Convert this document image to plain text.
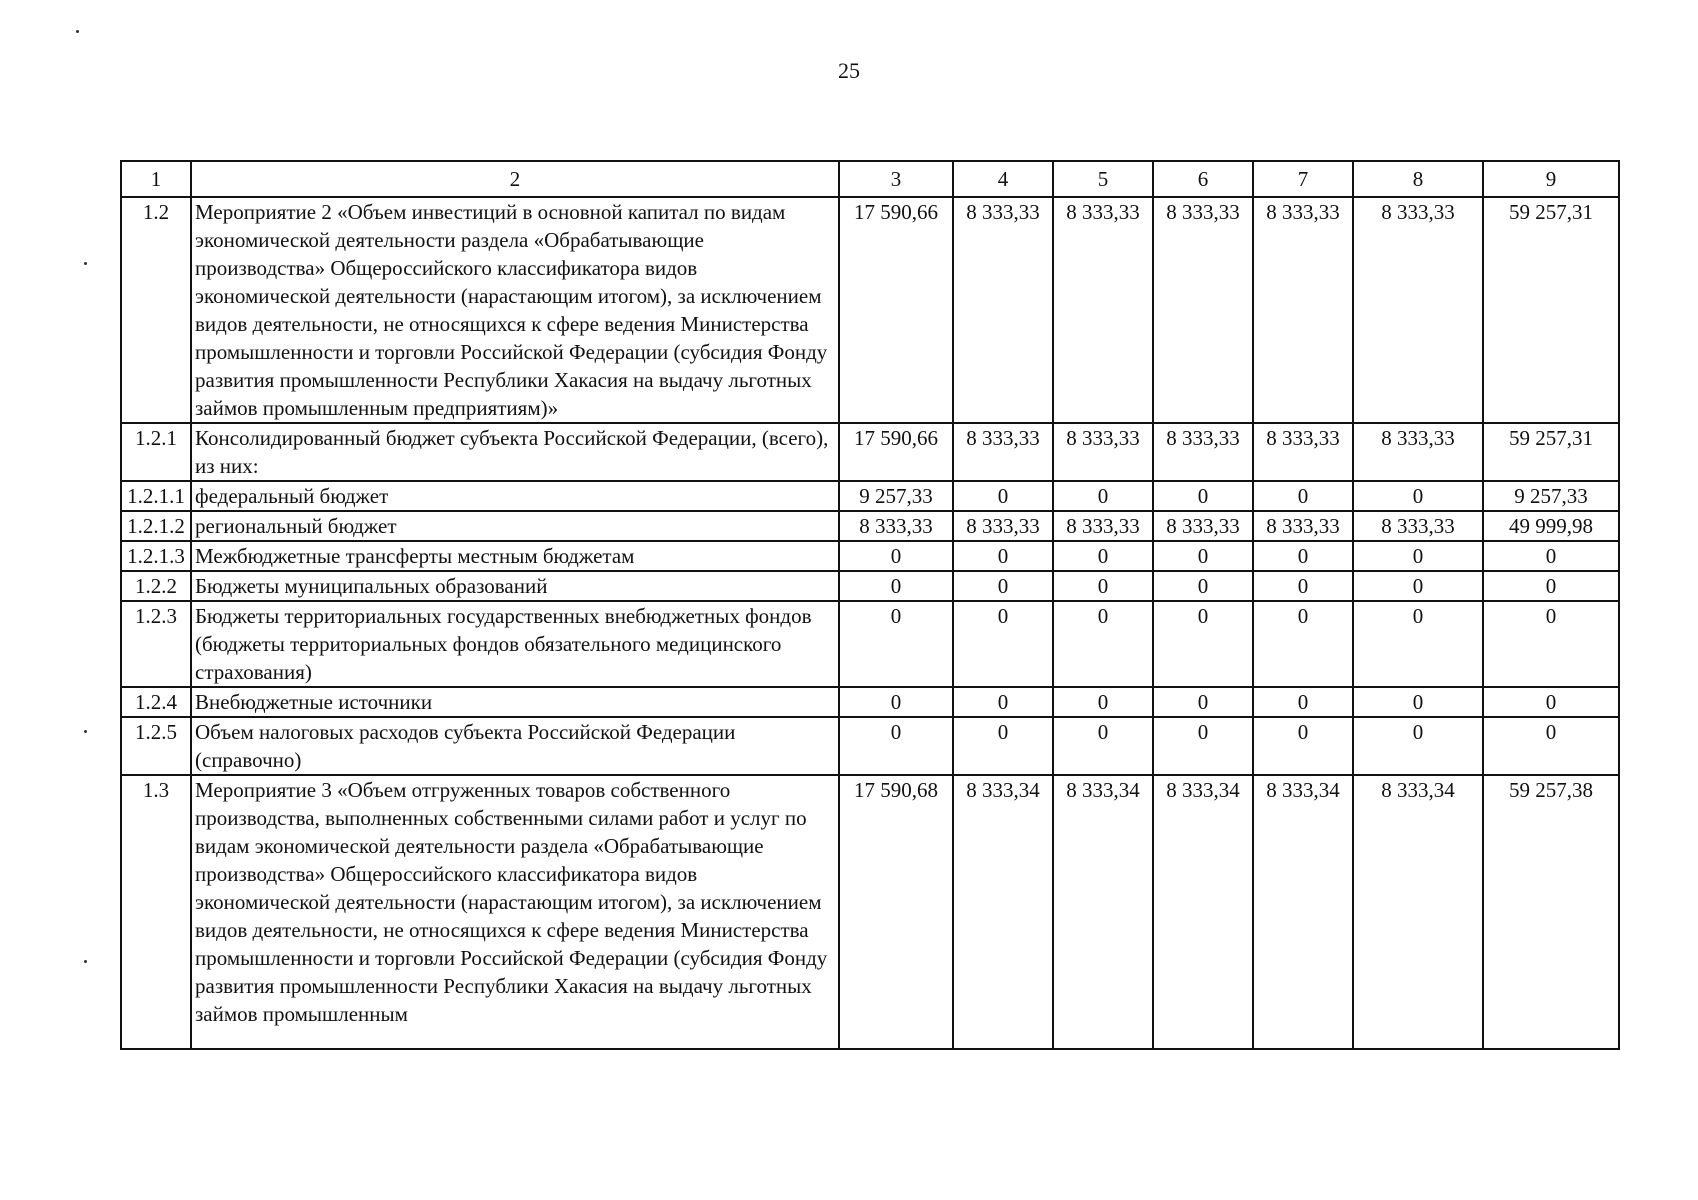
25
1	2	3	4	5	6	7	8	9
1.2	Мероприятие 2 «Объем инвестиций в основной капитал по видам экономической деятельности раздела «Обрабатывающие производства» Общероссийского классификатора видов экономической деятельности (нарастающим итогом), за исключением видов деятельности, не относящихся к сфере ведения Министерства промышленности и торговли Российской Федерации (субсидия Фонду развития промышленности Республики Хакасия на выдачу льготных займов промышленным предприятиям)»	17 590,66	8 333,33	8 333,33	8 333,33	8 333,33	8 333,33	59 257,31
1.2.1	Консолидированный бюджет субъекта Российской Федерации, (всего), из них:	17 590,66	8 333,33	8 333,33	8 333,33	8 333,33	8 333,33	59 257,31
1.2.1.1	федеральный бюджет	9 257,33	0	0	0	0	0	9 257,33
1.2.1.2	региональный бюджет	8 333,33	8 333,33	8 333,33	8 333,33	8 333,33	8 333,33	49 999,98
1.2.1.3	Межбюджетные трансферты местным бюджетам	0	0	0	0	0	0	0
1.2.2	Бюджеты муниципальных образований	0	0	0	0	0	0	0
1.2.3	Бюджеты территориальных государственных внебюджетных фондов (бюджеты территориальных фондов обязательного медицинского страхования)	0	0	0	0	0	0	0
1.2.4	Внебюджетные источники	0	0	0	0	0	0	0
1.2.5	Объем налоговых расходов субъекта Российской Федерации (справочно)	0	0	0	0	0	0	0
1.3	Мероприятие 3 «Объем отгруженных товаров собственного производства, выполненных собственными силами работ и услуг по видам экономической деятельности раздела «Обрабатывающие производства» Общероссийского классификатора видов экономической деятельности (нарастающим итогом), за исключением видов деятельности, не относящихся к сфере ведения Министерства промышленности и торговли Российской Федерации (субсидия Фонду развития промышленности Республики Хакасия на выдачу льготных займов промышленным	17 590,68	8 333,34	8 333,34	8 333,34	8 333,34	8 333,34	59 257,38
